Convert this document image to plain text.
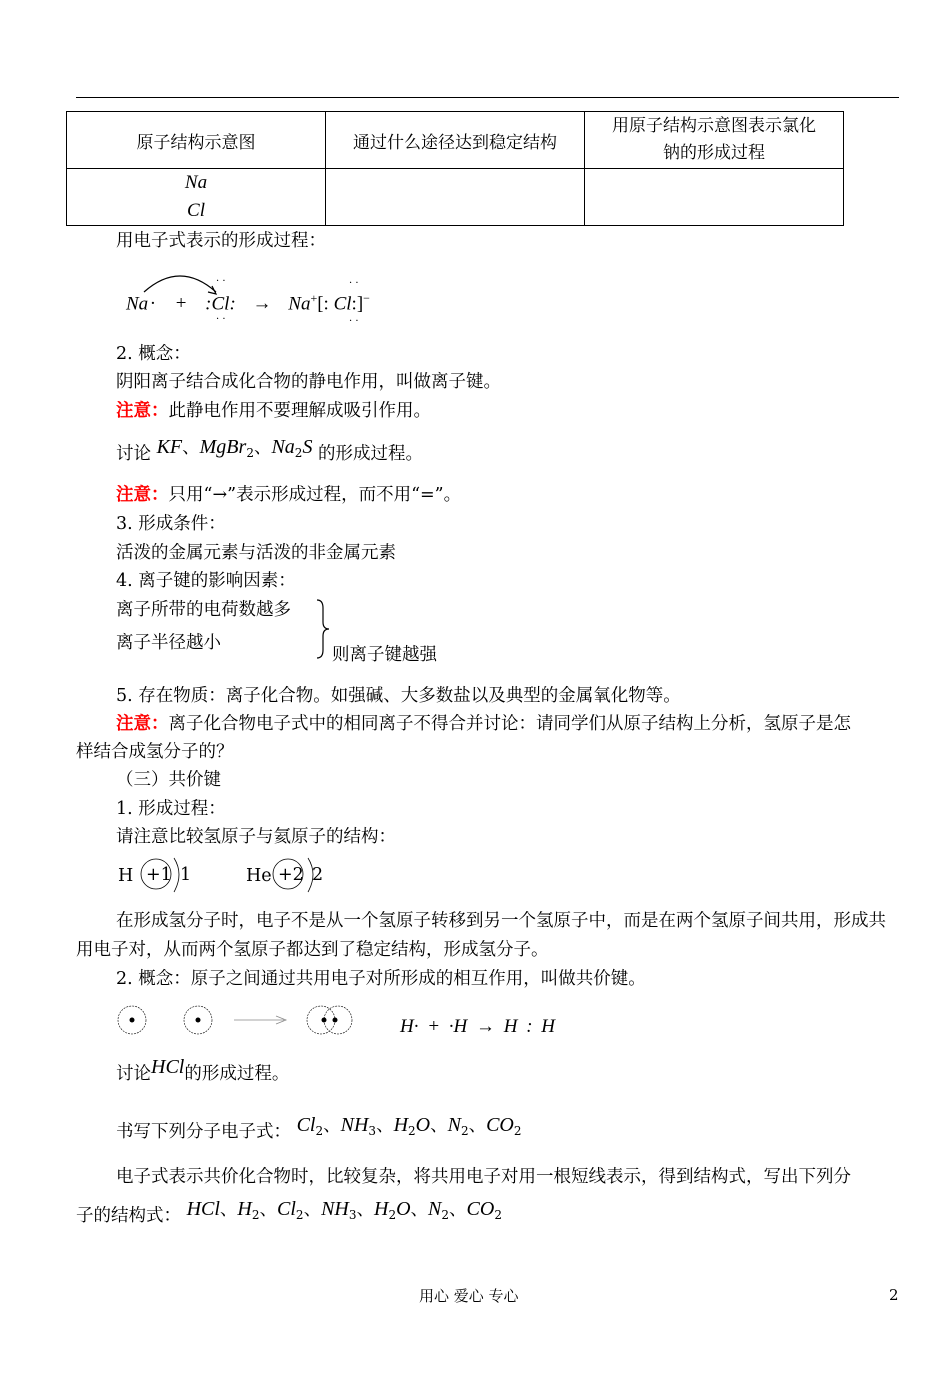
原子结构示意图	通过什么途径达到稳定结构	用原子结构示意图表示氯化
钠的形成过程
Na
Cl		
用电子式表示的形成过程：
Na · + :Cl: → Na+[: Cl:]−
· ·
· ·
· ·
· ·
2. 概念：
阴阳离子结合成化合物的静电作用，叫做离子键。
注意：此静电作用不要理解成吸引作用。
讨论 KF、MgBr$_2$、$Na_2S$ 的形成过程。
注意：只用“→”表示形成过程，而不用“=”。
3. 形成条件：
活泼的金属元素与活泼的非金属元素
4. 离子键的影响因素：
离子所带的电荷数越多
离子半径越小
则离子键越强
5. 存在物质：离子化合物。如强碱、大多数盐以及典型的金属氧化物等。
注意：离子化合物电子式中的相同离子不得合并讨论：请同学们从原子结构上分析，氢原子是怎
样结合成氢分子的？
（三）共价键
1. 形成过程：
请注意比较氢原子与氦原子的结构：
H +1 1	He +2 2
在形成氢分子时，电子不是从一个氢原子转移到另一个氢原子中，而是在两个氢原子间共用，形成共用电子对，从而两个氢原子都达到了稳定结构，形成氢分子。
2. 概念：原子之间通过共用电子对所形成的相互作用，叫做共价键。
H· + ·H → H : H
讨论HCl的形成过程。
书写下列分子电子式： $Cl_2$、$NH_3$、$H_2O$、$N_2$、$CO_2$
电子式表示共价化合物时，比较复杂，将共用电子对用一根短线表示，得到结构式，写出下列分
子的结构式： HCl、$H_2$、$Cl_2$、$NH_3$、$H_2O$、$N_2$、$CO_2$
用心 爱心 专心	2
